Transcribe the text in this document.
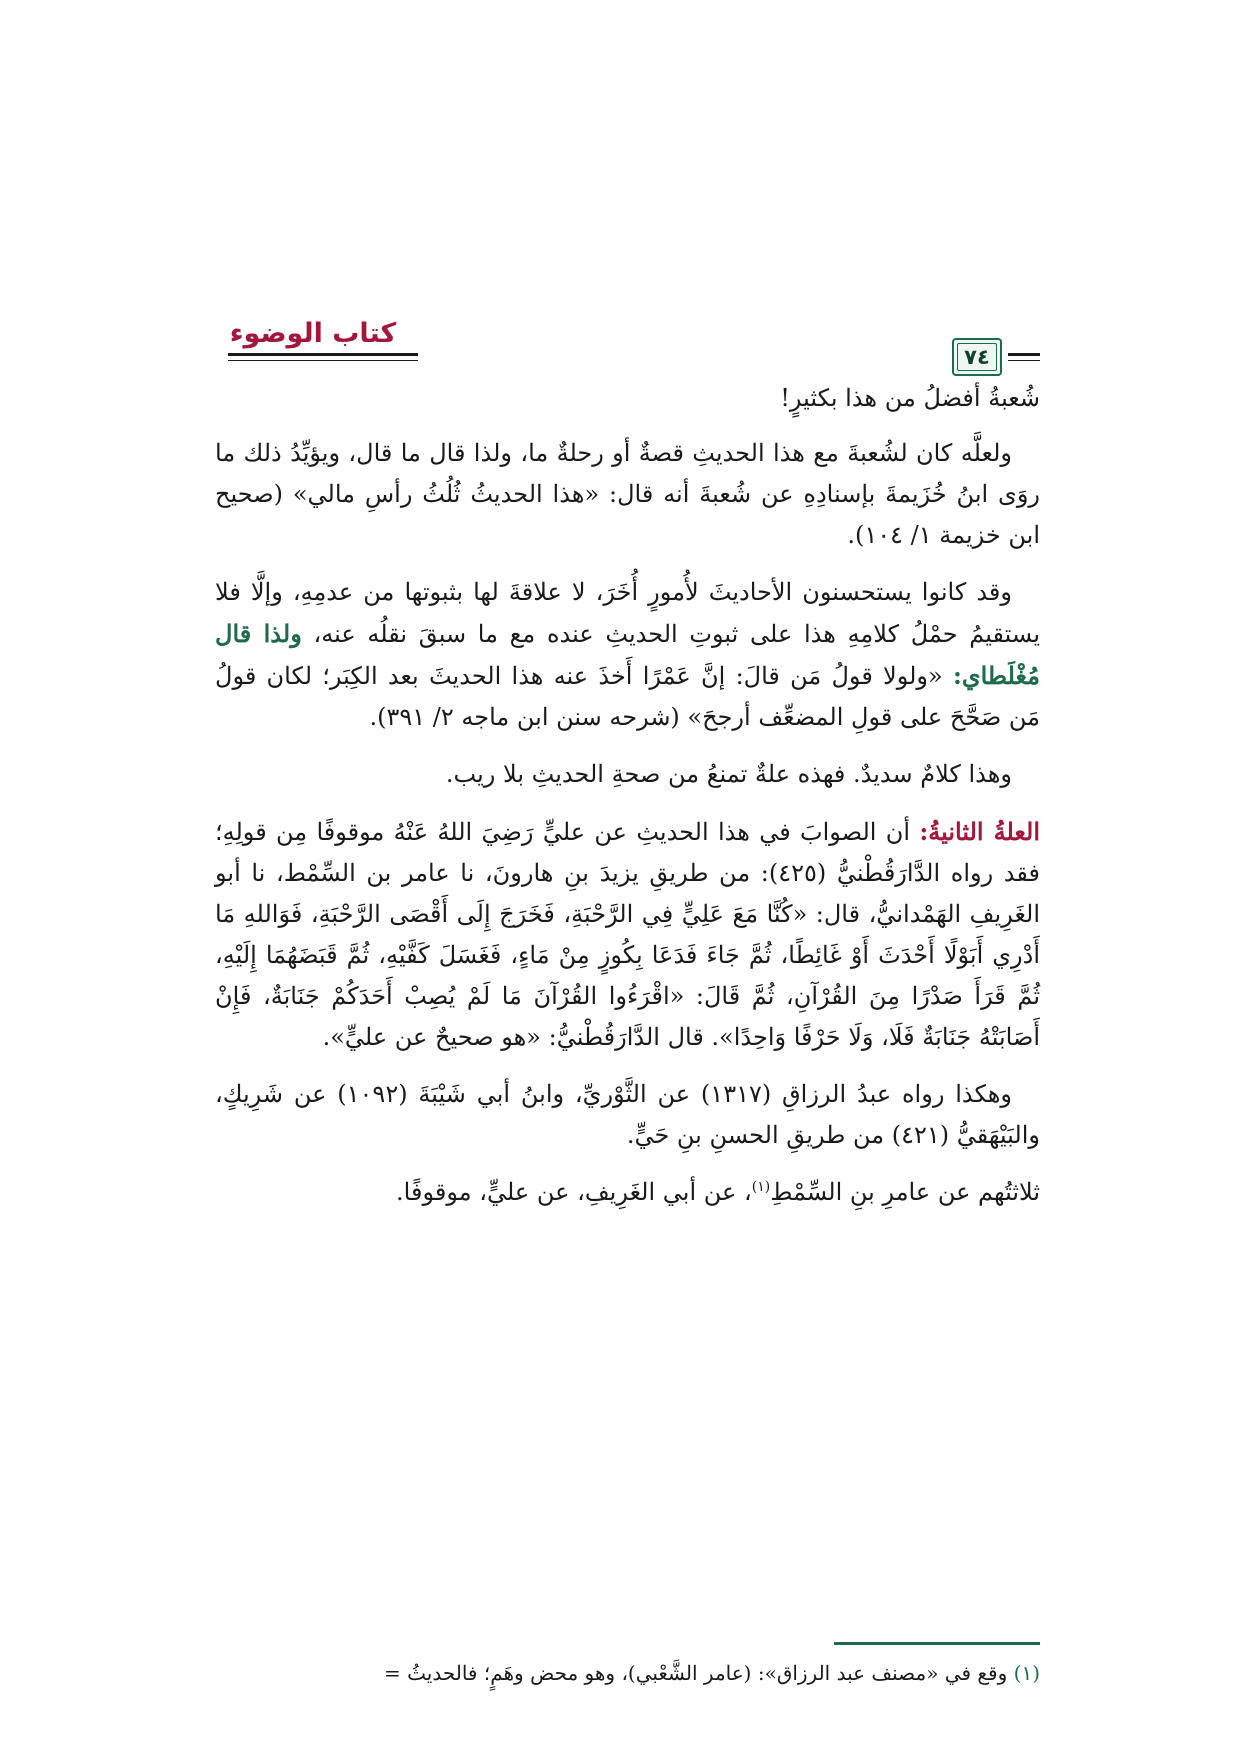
كتاب الوضوء
٧٤

شُعبةُ أفضلُ من هذا بكثيرٍ!

ولعلَّه كان لشُعبةَ مع هذا الحديثِ قصةٌ أو رحلةٌ ما، ولذا قال ما قال، ويؤيِّدُ ذلك ما روَى ابنُ خُزَيمةَ بإسنادِهِ عن شُعبةَ أنه قال: «هذا الحديثُ ثُلُثُ رأسِ مالي» (صحيح ابن خزيمة ١/ ١٠٤).

وقد كانوا يستحسنون الأحاديثَ لأُمورٍ أُخَرَ، لا علاقةَ لها بثبوتها من عدمِهِ، وإلَّا فلا يستقيمُ حمْلُ كلامِهِ هذا على ثبوتِ الحديثِ عنده مع ما سبقَ نقلُه عنه، ولذا قال مُغْلَطاي: «ولولا قولُ مَن قالَ: إنَّ عَمْرًا أَخذَ عنه هذا الحديثَ بعد الكِبَر؛ لكان قولُ مَن صَحَّحَ على قولِ المضعِّف أرجحَ» (شرحه سنن ابن ماجه ٢/ ٣٩١).

وهذا كلامٌ سديدٌ. فهذه علةٌ تمنعُ من صحةِ الحديثِ بلا ريب.

العلةُ الثانيةُ: أن الصوابَ في هذا الحديثِ عن عليٍّ رَضِيَ اللهُ عَنْهُ موقوفًا مِن قولِهِ؛ فقد رواه الدَّارَقُطْنيُّ (٤٢٥): من طريقِ يزيدَ بنِ هارونَ، نا عامر بن السِّمْط، نا أبو الغَرِيفِ الهَمْدانيُّ، قال: «كُنَّا مَعَ عَلِيٍّ فِي الرَّحْبَةِ، فَخَرَجَ إِلَى أَقْصَى الرَّحْبَةِ، فَوَاللهِ مَا أَدْرِي أَبَوْلًا أَحْدَثَ أَوْ غَائِطًا، ثُمَّ جَاءَ فَدَعَا بِكُوزٍ مِنْ مَاءٍ، فَغَسَلَ كَفَّيْهِ، ثُمَّ قَبَضَهُمَا إِلَيْهِ، ثُمَّ قَرَأَ صَدْرًا مِنَ القُرْآنِ، ثُمَّ قَالَ: «اقْرَءُوا القُرْآنَ مَا لَمْ يُصِبْ أَحَدَكُمْ جَنَابَةٌ، فَإِنْ أَصَابَتْهُ جَنَابَةٌ فَلَا، وَلَا حَرْفًا وَاحِدًا». قال الدَّارَقُطْنيُّ: «هو صحيحٌ عن عليٍّ».

وهكذا رواه عبدُ الرزاقِ (١٣١٧) عن الثَّوْريِّ، وابنُ أبي شَيْبَةَ (١٠٩٢) عن شَرِيكٍ، والبَيْهَقيُّ (٤٢١) من طريقِ الحسنِ بنِ حَيٍّ.

ثلاثتُهم عن عامرِ بنِ السِّمْطِ$^{(١)}$، عن أبي الغَرِيفِ، عن عليٍّ، موقوفًا.

(١) وقع في «مصنف عبد الرزاق»: (عامر الشَّعْبي)، وهو محض وهَمٍ؛ فالحديثُ =
